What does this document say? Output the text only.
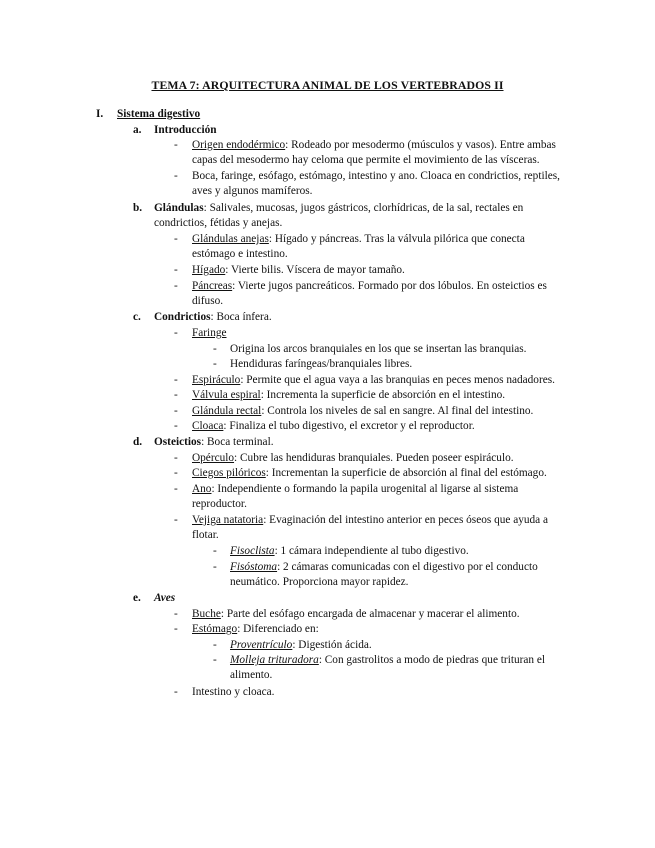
TEMA 7: ARQUITECTURA ANIMAL DE LOS VERTEBRADOS II
I. Sistema digestivo
a. Introducción
- Origen endodérmico: Rodeado por mesodermo (músculos y vasos). Entre ambas
capas del mesodermo hay celoma que permite el movimiento de las vísceras.
- Boca, faringe, esófago, estómago, intestino y ano. Cloaca en condrictios, reptiles,
aves y algunos mamíferos.
b. Glándulas: Salivales, mucosas, jugos gástricos, clorhídricas, de la sal, rectales en
condrictios, fétidas y anejas.
- Glándulas anejas: Hígado y páncreas. Tras la válvula pilórica que conecta
estómago e intestino.
- Hígado: Vierte bilis. Víscera de mayor tamaño.
- Páncreas: Vierte jugos pancreáticos. Formado por dos lóbulos. En osteictios es
difuso.
c. Condrictios: Boca ínfera.
- Faringe
- Origina los arcos branquiales en los que se insertan las branquias.
- Hendiduras faríngeas/branquiales libres.
- Espiráculo: Permite que el agua vaya a las branquias en peces menos nadadores.
- Válvula espiral: Incrementa la superficie de absorción en el intestino.
- Glándula rectal: Controla los niveles de sal en sangre. Al final del intestino.
- Cloaca: Finaliza el tubo digestivo, el excretor y el reproductor.
d. Osteictios: Boca terminal.
- Opérculo: Cubre las hendiduras branquiales. Pueden poseer espiráculo.
- Ciegos pilóricos: Incrementan la superficie de absorción al final del estómago.
- Ano: Independiente o formando la papila urogenital al ligarse al sistema
reproductor.
- Vejiga natatoria: Evaginación del intestino anterior en peces óseos que ayuda a
flotar.
- Fisoclista: 1 cámara independiente al tubo digestivo.
- Fisóstoma: 2 cámaras comunicadas con el digestivo por el conducto
neumático. Proporciona mayor rapidez.
e. Aves
- Buche: Parte del esófago encargada de almacenar y macerar el alimento.
- Estómago: Diferenciado en:
- Proventrículo: Digestión ácida.
- Molleja trituradora: Con gastrolitos a modo de piedras que trituran el
alimento.
- Intestino y cloaca.
